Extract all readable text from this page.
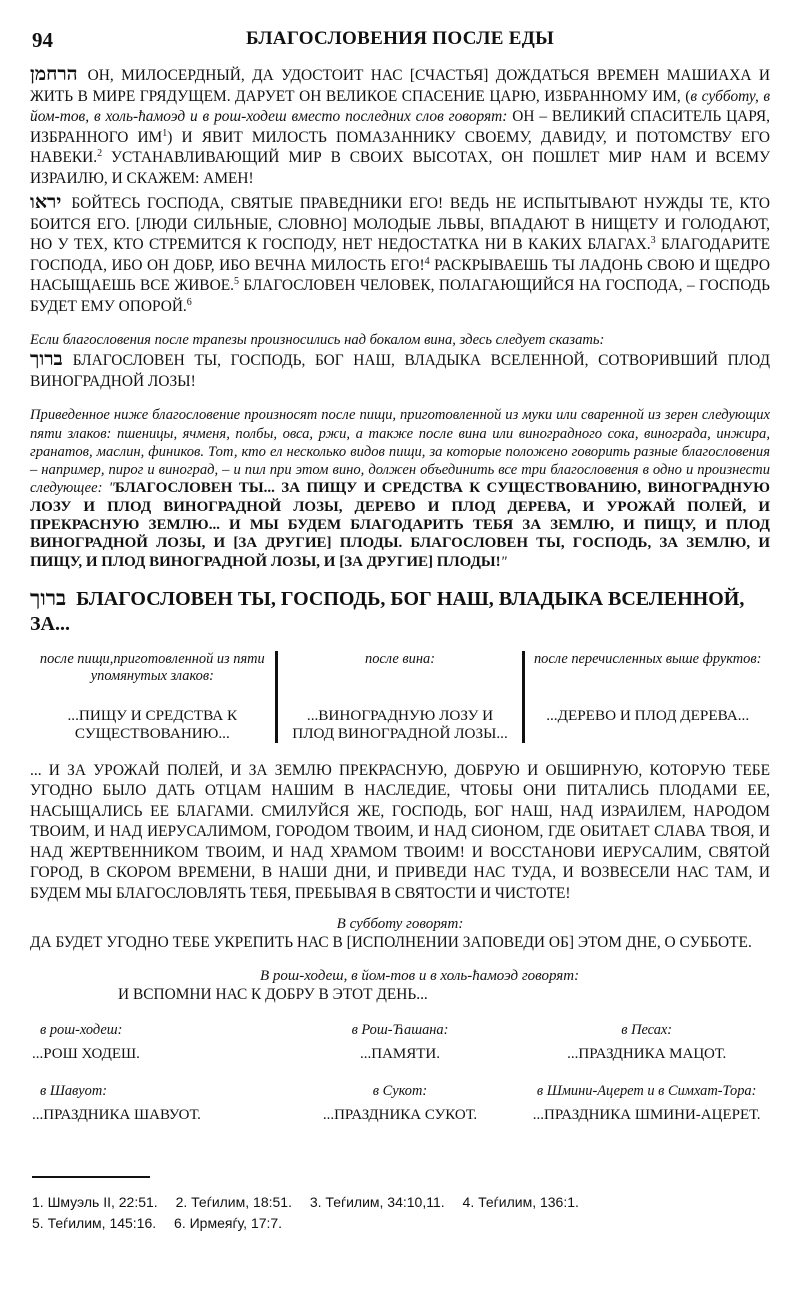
94	БЛАГОСЛОВЕНИЯ ПОСЛЕ ЕДЫ

הרחמן ОН, МИЛОСЕРДНЫЙ, ДА УДОСТОИТ НАС [СЧАСТЬЯ] ДОЖДАТЬСЯ ВРЕМЕН МАШИАХА И ЖИТЬ В МИРЕ ГРЯДУЩЕМ. ДАРУЕТ ОН ВЕЛИКОЕ СПАСЕНИЕ ЦАРЮ, ИЗБРАННОМУ ИМ, (в субботу, в йом-тов, в холь-ћамоэд и в рош-ходеш вместо последних слов говорят: ОН – ВЕЛИКИЙ СПАСИТЕЛЬ ЦАРЯ, ИЗБРАННОГО $ИМ^1$) И ЯВИТ МИЛОСТЬ ПОМАЗАННИКУ СВОЕМУ, ДАВИДУ, И ПОТОМСТВУ ЕГО НАВЕКИ.$^2$ УСТАНАВЛИВАЮЩИЙ МИР В СВОИХ ВЫСОТАХ, ОН ПОШЛЕТ МИР НАМ И ВСЕМУ ИЗРАИЛЮ, И СКАЖЕМ: АМЕН!

יראו БОЙТЕСЬ ГОСПОДА, СВЯТЫЕ ПРАВЕДНИКИ ЕГО! ВЕДЬ НЕ ИСПЫТЫВАЮТ НУЖДЫ ТЕ, КТО БОИТСЯ ЕГО. [ЛЮДИ СИЛЬНЫЕ, СЛОВНО] МОЛОДЫЕ ЛЬВЫ, ВПАДАЮТ В НИЩЕТУ И ГОЛОДАЮТ, НО У ТЕХ, КТО СТРЕМИТСЯ К ГОСПОДУ, НЕТ НЕДОСТАТКА НИ В КАКИХ БЛАГАХ.$^3$ БЛАГОДАРИТЕ ГОСПОДА, ИБО ОН ДОБР, ИБО ВЕЧНА МИЛОСТЬ ЕГО!$^4$ РАСКРЫВАЕШЬ ТЫ ЛАДОНЬ СВОЮ И ЩЕДРО НАСЫЩАЕШЬ ВСЕ ЖИВОЕ.$^5$ БЛАГОСЛОВЕН ЧЕЛОВЕК, ПОЛАГАЮЩИЙСЯ НА ГОСПОДА, – ГОСПОДЬ БУДЕТ ЕМУ ОПОРОЙ.$^6$

Если благословения после трапезы произносились над бокалом вина, здесь следует сказать:

ברוך БЛАГОСЛОВЕН ТЫ, ГОСПОДЬ, БОГ НАШ, ВЛАДЫКА ВСЕЛЕННОЙ, СОТВОРИВШИЙ ПЛОД ВИНОГРАДНОЙ ЛОЗЫ!

Приведенное ниже благословение произносят после пищи, приготовленной из муки или сваренной из зерен следующих пяти злаков: пшеницы, ячменя, полбы, овса, ржи, а также после вина или виноградного сока, винограда, инжира, гранатов, маслин, фиников. Тот, кто ел несколько видов пищи, за которые положено говорить разные благословения – например, пирог и виноград, – и пил при этом вино, должен объединить все три благословения в одно и произнести следующее: "БЛАГОСЛОВЕН ТЫ... ЗА ПИЩУ И СРЕДСТВА К СУЩЕСТВОВАНИЮ, ВИНОГРАДНУЮ ЛОЗУ И ПЛОД ВИНОГРАДНОЙ ЛОЗЫ, ДЕРЕВО И ПЛОД ДЕРЕВА, И УРОЖАЙ ПОЛЕЙ, И ПРЕКРАСНУЮ ЗЕМЛЮ... И МЫ БУДЕМ БЛАГОДАРИТЬ ТЕБЯ ЗА ЗЕМЛЮ, И ПИЩУ, И ПЛОД ВИНОГРАДНОЙ ЛОЗЫ, И [ЗА ДРУГИЕ] ПЛОДЫ. БЛАГОСЛОВЕН ТЫ, ГОСПОДЬ, ЗА ЗЕМЛЮ, И ПИЩУ, И ПЛОД ВИНОГРАДНОЙ ЛОЗЫ, И [ЗА ДРУГИЕ] ПЛОДЫ!"

ברוך БЛАГОСЛОВЕН ТЫ, ГОСПОДЬ, БОГ НАШ, ВЛАДЫКА ВСЕЛЕННОЙ, ЗА...

после пищи,приготовленной из пяти упомянутых злаков:
...ПИЩУ И СРЕДСТВА К СУЩЕСТВОВАНИЮ...
после вина:
...ВИНОГРАДНУЮ ЛОЗУ И ПЛОД ВИНОГРАДНОЙ ЛОЗЫ...
после перечисленных выше фруктов:
...ДЕРЕВО И ПЛОД ДЕРЕВА...

... И ЗА УРОЖАЙ ПОЛЕЙ, И ЗА ЗЕМЛЮ ПРЕКРАСНУЮ, ДОБРУЮ И ОБШИРНУЮ, КОТОРУЮ ТЕБЕ УГОДНО БЫЛО ДАТЬ ОТЦАМ НАШИМ В НАСЛЕДИЕ, ЧТОБЫ ОНИ ПИТАЛИСЬ ПЛОДАМИ ЕЕ, НАСЫЩАЛИСЬ ЕЕ БЛАГАМИ. СМИЛУЙСЯ ЖЕ, ГОСПОДЬ, БОГ НАШ, НАД ИЗРАИЛЕМ, НАРОДОМ ТВОИМ, И НАД ИЕРУСАЛИМОМ, ГОРОДОМ ТВОИМ, И НАД СИОНОМ, ГДЕ ОБИТАЕТ СЛАВА ТВОЯ, И НАД ЖЕРТВЕННИКОМ ТВОИМ, И НАД ХРАМОМ ТВОИМ! И ВОССТАНОВИ ИЕРУСАЛИМ, СВЯТОЙ ГОРОД, В СКОРОМ ВРЕМЕНИ, В НАШИ ДНИ, И ПРИВЕДИ НАС ТУДА, И ВОЗВЕСЕЛИ НАС ТАМ, И БУДЕМ МЫ БЛАГОСЛОВЛЯТЬ ТЕБЯ, ПРЕБЫВАЯ В СВЯТОСТИ И ЧИСТОТЕ!

В субботу говорят:

ДА БУДЕТ УГОДНО ТЕБЕ УКРЕПИТЬ НАС В [ИСПОЛНЕНИИ ЗАПОВЕДИ ОБ] ЭТОМ ДНЕ, О СУББОТЕ.

В рош-ходеш, в йом-тов и в холь-ћамоэд говорят:
И ВСПОМНИ НАС К ДОБРУ В ЭТОТ ДЕНЬ...
в рош-ходеш:
...РОШ ХОДЕШ.
в Рош-Ћашана:
...ПАМЯТИ.
в Песах:
...ПРАЗДНИКА МАЦОТ.
в Шавуот:
...ПРАЗДНИКА ШАВУОТ.
в Сукот:
...ПРАЗДНИКА СУКОТ.
в Шмини-Ацерет и в Симхат-Тора:
...ПРАЗДНИКА ШМИНИ-АЦЕРЕТ.
1. Шмуэль II, 22:51. 2. Теѓилим, 18:51. 3. Теѓилим, 34:10,11. 4. Теѓилим, 136:1.
5. Теѓилим, 145:16. 6. Ирмеяѓу, 17:7.
